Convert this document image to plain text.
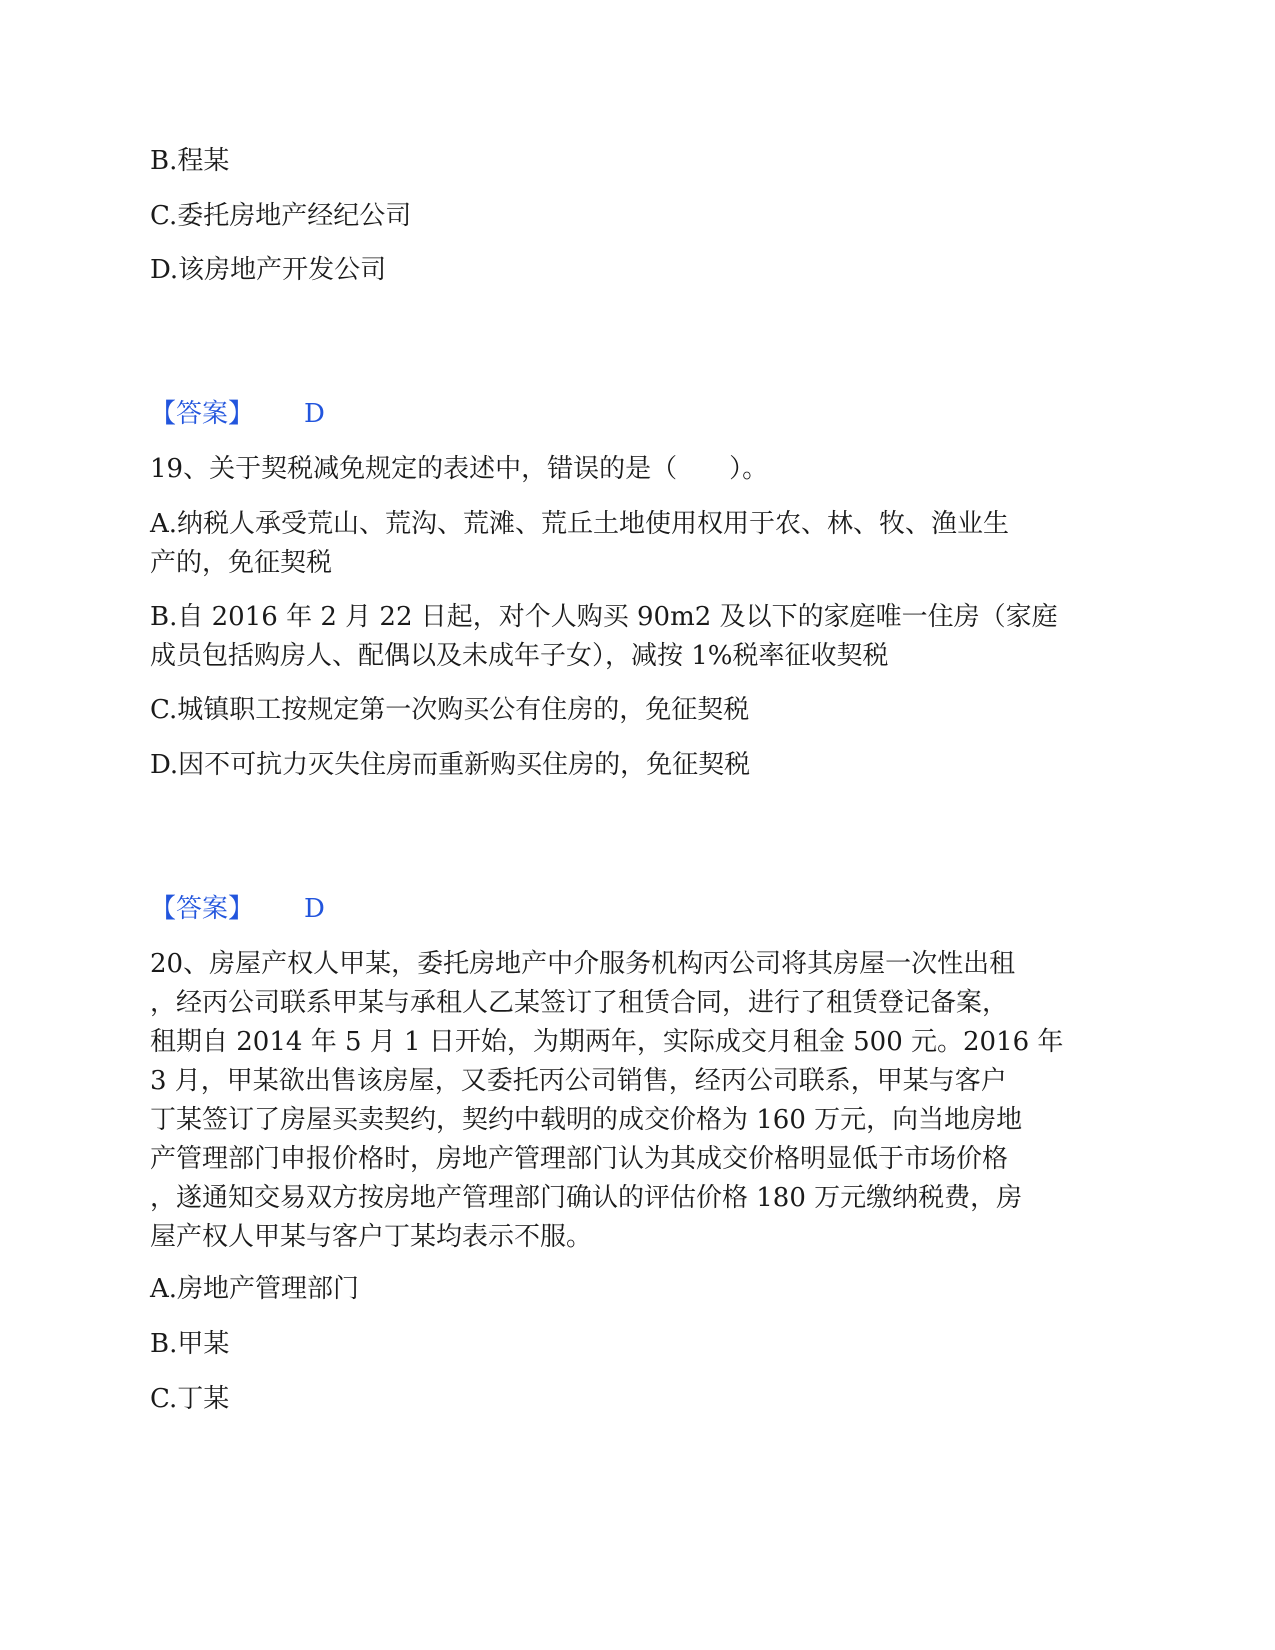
B.程某
C.委托房地产经纪公司
D.该房地产开发公司
【答案】 D
19、关于契税减免规定的表述中，错误的是（　　）。
A.纳税人承受荒山、荒沟、荒滩、荒丘土地使用权用于农、林、牧、渔业生
产的，免征契税
B.自 2016 年 2 月 22 日起，对个人购买 90m2 及以下的家庭唯一住房（家庭
成员包括购房人、配偶以及未成年子女），减按 1%税率征收契税
C.城镇职工按规定第一次购买公有住房的，免征契税
D.因不可抗力灭失住房而重新购买住房的，免征契税
【答案】 D
20、房屋产权人甲某，委托房地产中介服务机构丙公司将其房屋一次性出租
，经丙公司联系甲某与承租人乙某签订了租赁合同，进行了租赁登记备案，
租期自 2014 年 5 月 1 日开始，为期两年，实际成交月租金 500 元。2016 年
3 月，甲某欲出售该房屋，又委托丙公司销售，经丙公司联系，甲某与客户
丁某签订了房屋买卖契约，契约中载明的成交价格为 160 万元，向当地房地
产管理部门申报价格时，房地产管理部门认为其成交价格明显低于市场价格
，遂通知交易双方按房地产管理部门确认的评估价格 180 万元缴纳税费，房
屋产权人甲某与客户丁某均表示不服。
A.房地产管理部门
B.甲某
C.丁某
